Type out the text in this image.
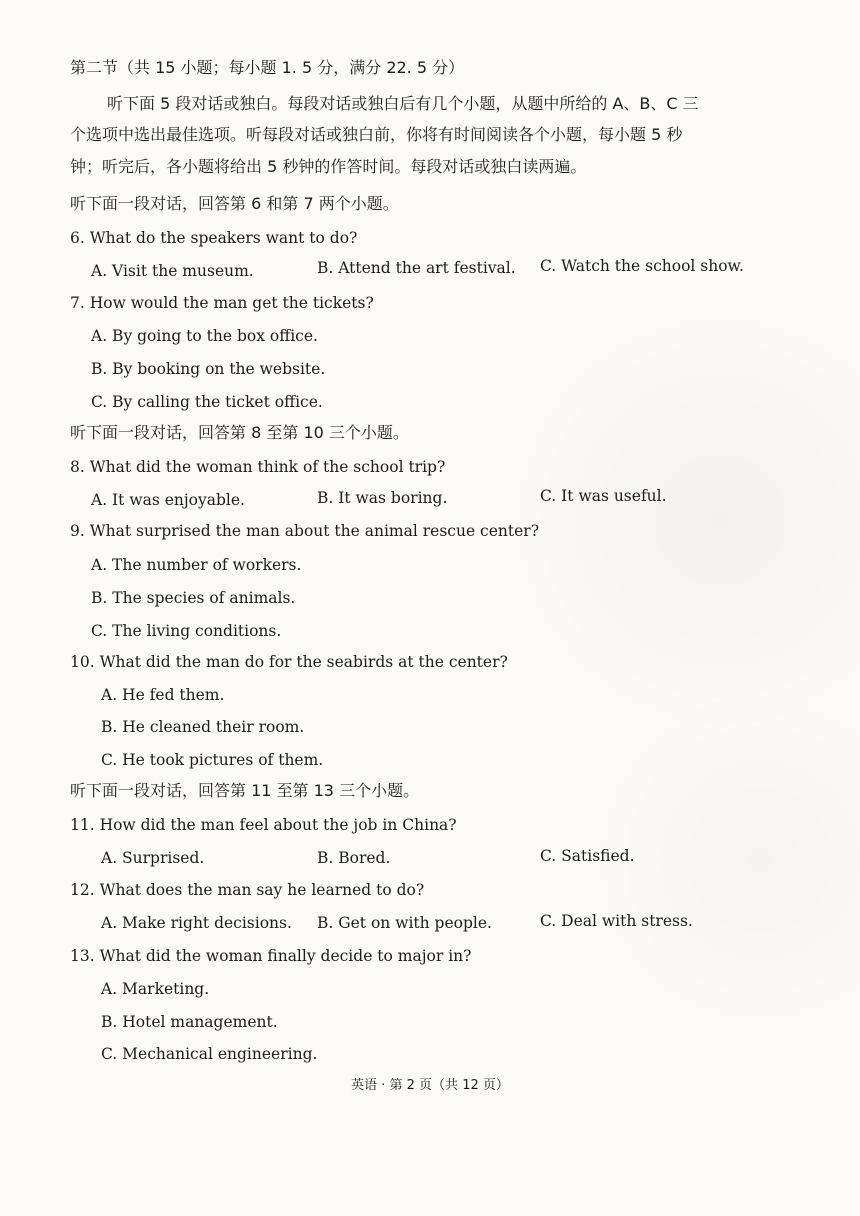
第二节（共 15 小题；每小题 1. 5 分，满分 22. 5 分）
听下面 5 段对话或独白。每段对话或独白后有几个小题，从题中所给的 A、B、C 三
个选项中选出最佳选项。听每段对话或独白前，你将有时间阅读各个小题，每小题 5 秒
钟；听完后，各小题将给出 5 秒钟的作答时间。每段对话或独白读两遍。
听下面一段对话，回答第 6 和第 7 两个小题。
6. What do the speakers want to do?
A. Visit the museum.	B. Attend the art festival. C. Watch the school show.
7. How would the man get the tickets?
A. By going to the box office.
B. By booking on the website.
C. By calling the ticket office.
听下面一段对话，回答第 8 至第 10 三个小题。
8. What did the woman think of the school trip?
A. It was enjoyable.	B. It was boring.	C. It was useful.
9. What surprised the man about the animal rescue center?
A. The number of workers.
B. The species of animals.
C. The living conditions.
10. What did the man do for the seabirds at the center?
A. He fed them.
B. He cleaned their room.
C. He took pictures of them.
听下面一段对话，回答第 11 至第 13 三个小题。
11. How did the man feel about the job in China?
A. Surprised.	B. Bored.	C. Satisfied.
12. What does the man say he learned to do?
A. Make right decisions. B. Get on with people.	C. Deal with stress.
13. What did the woman finally decide to major in?
A. Marketing.
B. Hotel management.
C. Mechanical engineering.
英语 · 第 2 页（共 12 页）
